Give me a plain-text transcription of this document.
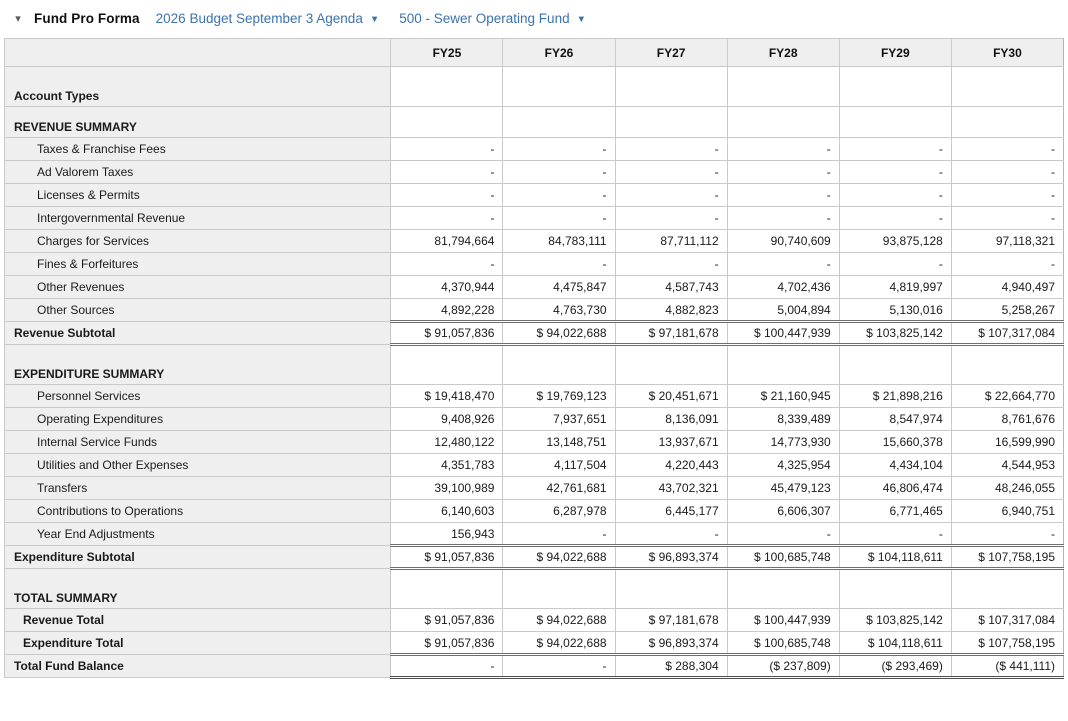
▾ Fund Pro Forma 2026 Budget September 3 Agenda ▼ 500 - Sewer Operating Fund ▼
	FY25	FY26	FY27	FY28	FY29	FY30
Account Types						
REVENUE SUMMARY						
Taxes & Franchise Fees	-	-	-	-	-	-
Ad Valorem Taxes	-	-	-	-	-	-
Licenses & Permits	-	-	-	-	-	-
Intergovernmental Revenue	-	-	-	-	-	-
Charges for Services	81,794,664	84,783,111	87,711,112	90,740,609	93,875,128	97,118,321
Fines & Forfeitures	-	-	-	-	-	-
Other Revenues	4,370,944	4,475,847	4,587,743	4,702,436	4,819,997	4,940,497
Other Sources	4,892,228	4,763,730	4,882,823	5,004,894	5,130,016	5,258,267
Revenue Subtotal	$ 91,057,836	$ 94,022,688	$ 97,181,678	$ 100,447,939	$ 103,825,142	$ 107,317,084
EXPENDITURE SUMMARY						
Personnel Services	$ 19,418,470	$ 19,769,123	$ 20,451,671	$ 21,160,945	$ 21,898,216	$ 22,664,770
Operating Expenditures	9,408,926	7,937,651	8,136,091	8,339,489	8,547,974	8,761,676
Internal Service Funds	12,480,122	13,148,751	13,937,671	14,773,930	15,660,378	16,599,990
Utilities and Other Expenses	4,351,783	4,117,504	4,220,443	4,325,954	4,434,104	4,544,953
Transfers	39,100,989	42,761,681	43,702,321	45,479,123	46,806,474	48,246,055
Contributions to Operations	6,140,603	6,287,978	6,445,177	6,606,307	6,771,465	6,940,751
Year End Adjustments	156,943	-	-	-	-	-
Expenditure Subtotal	$ 91,057,836	$ 94,022,688	$ 96,893,374	$ 100,685,748	$ 104,118,611	$ 107,758,195
TOTAL SUMMARY						
Revenue Total	$ 91,057,836	$ 94,022,688	$ 97,181,678	$ 100,447,939	$ 103,825,142	$ 107,317,084
Expenditure Total	$ 91,057,836	$ 94,022,688	$ 96,893,374	$ 100,685,748	$ 104,118,611	$ 107,758,195
Total Fund Balance	-	-	$ 288,304	($ 237,809)	($ 293,469)	($ 441,111)
